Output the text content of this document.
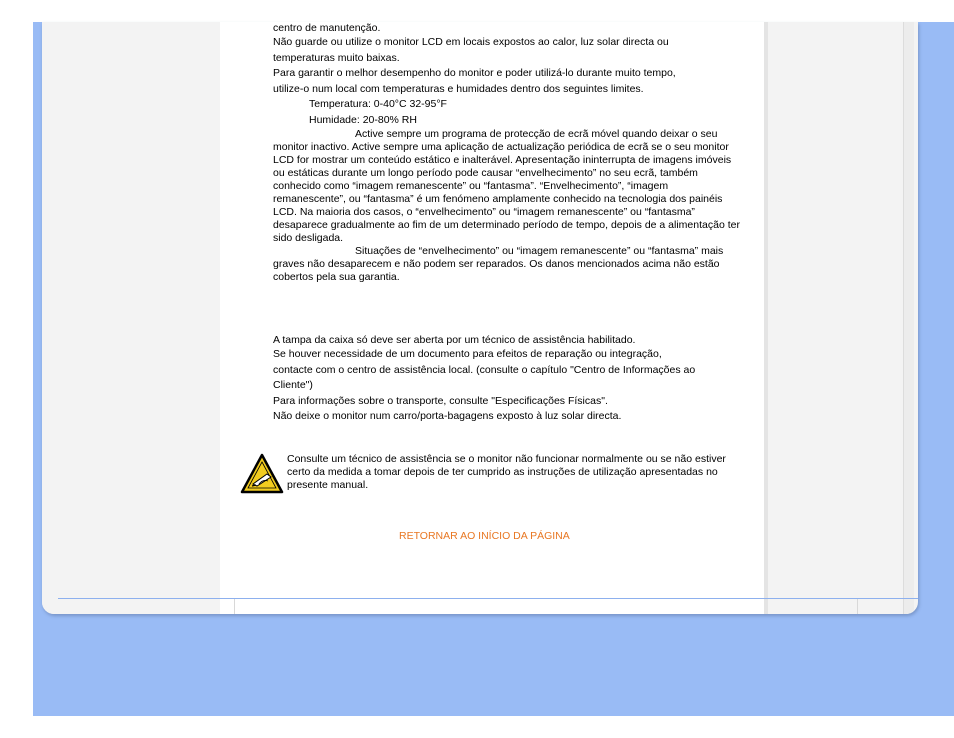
centro de manutenção.

Não guarde ou utilize o monitor LCD em locais expostos ao calor, luz solar directa ou

temperaturas muito baixas.

Para garantir o melhor desempenho do monitor e poder utilizá-lo durante muito tempo,

utilize-o num local com temperaturas e humidades dentro dos seguintes limites.

Temperatura: 0-40°C 32-95°F

Humidade: 20-80% RH

Active sempre um programa de protecção de ecrã móvel quando deixar o seu monitor inactivo. Active sempre uma aplicação de actualização periódica de ecrã se o seu monitor LCD for mostrar um conteúdo estático e inalterável. Apresentação ininterrupta de imagens imóveis ou estáticas durante um longo período pode causar “envelhecimento” no seu ecrã, também conhecido como “imagem remanescente” ou “fantasma”. “Envelhecimento”, “imagem remanescente”, ou “fantasma” é um fenómeno amplamente conhecido na tecnologia dos painéis LCD. Na maioria dos casos, o “envelhecimento” ou “imagem remanescente” ou “fantasma” desaparece gradualmente ao fim de um determinado período de tempo, depois de a alimentação ter sido desligada.

Situações de “envelhecimento” ou “imagem remanescente” ou “fantasma” mais graves não desaparecem e não podem ser reparados. Os danos mencionados acima não estão cobertos pela sua garantia.

A tampa da caixa só deve ser aberta por um técnico de assistência habilitado.

Se houver necessidade de um documento para efeitos de reparação ou integração,

contacte com o centro de assistência local. (consulte o capítulo "Centro de Informações ao

Cliente")

Para informações sobre o transporte, consulte "Especificações Físicas".

Não deixe o monitor num carro/porta-bagagens exposto à luz solar directa.

Consulte um técnico de assistência se o monitor não funcionar normalmente ou se não estiver certo da medida a tomar depois de ter cumprido as instruções de utilização apresentadas no presente manual.
RETORNAR AO INÍCIO DA PÁGINA
